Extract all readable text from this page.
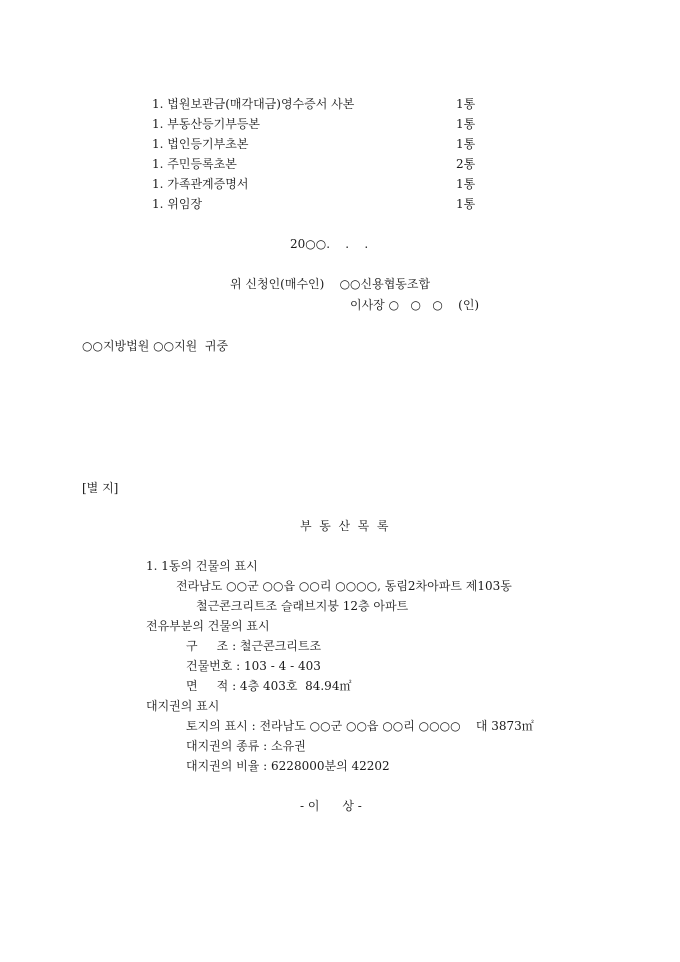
1. 법원보관금(매각대금)영수증서 사본	1통
1. 부동산등기부등본	1통
1. 법인등기부초본	1통
1. 주민등록초본	2통
1. 가족관계증명서	1통
1. 위임장	1통
20○○.    .    .
위 신청인(매수인)    ○○신용협동조합
이사장 ○   ○   ○    (인)
○○지방법원 ○○지원  귀중
[별 지]
부  동  산  목  록
1. 1동의 건물의 표시
전라남도 ○○군 ○○읍 ○○리 ○○○○, 동림2차아파트 제103동
철근콘크리트조 슬래브지붕 12층 아파트
전유부분의 건물의 표시
구     조 : 철근콘크리트조
건물번호 : 103 - 4 - 403
면     적 : 4층 403호  84.94㎡
대지권의 표시
토지의 표시 : 전라남도 ○○군 ○○읍 ○○리 ○○○○    대 3873㎡
대지권의 종류 : 소유권
대지권의 비율 : 6228000분의 42202
- 이      상 -
